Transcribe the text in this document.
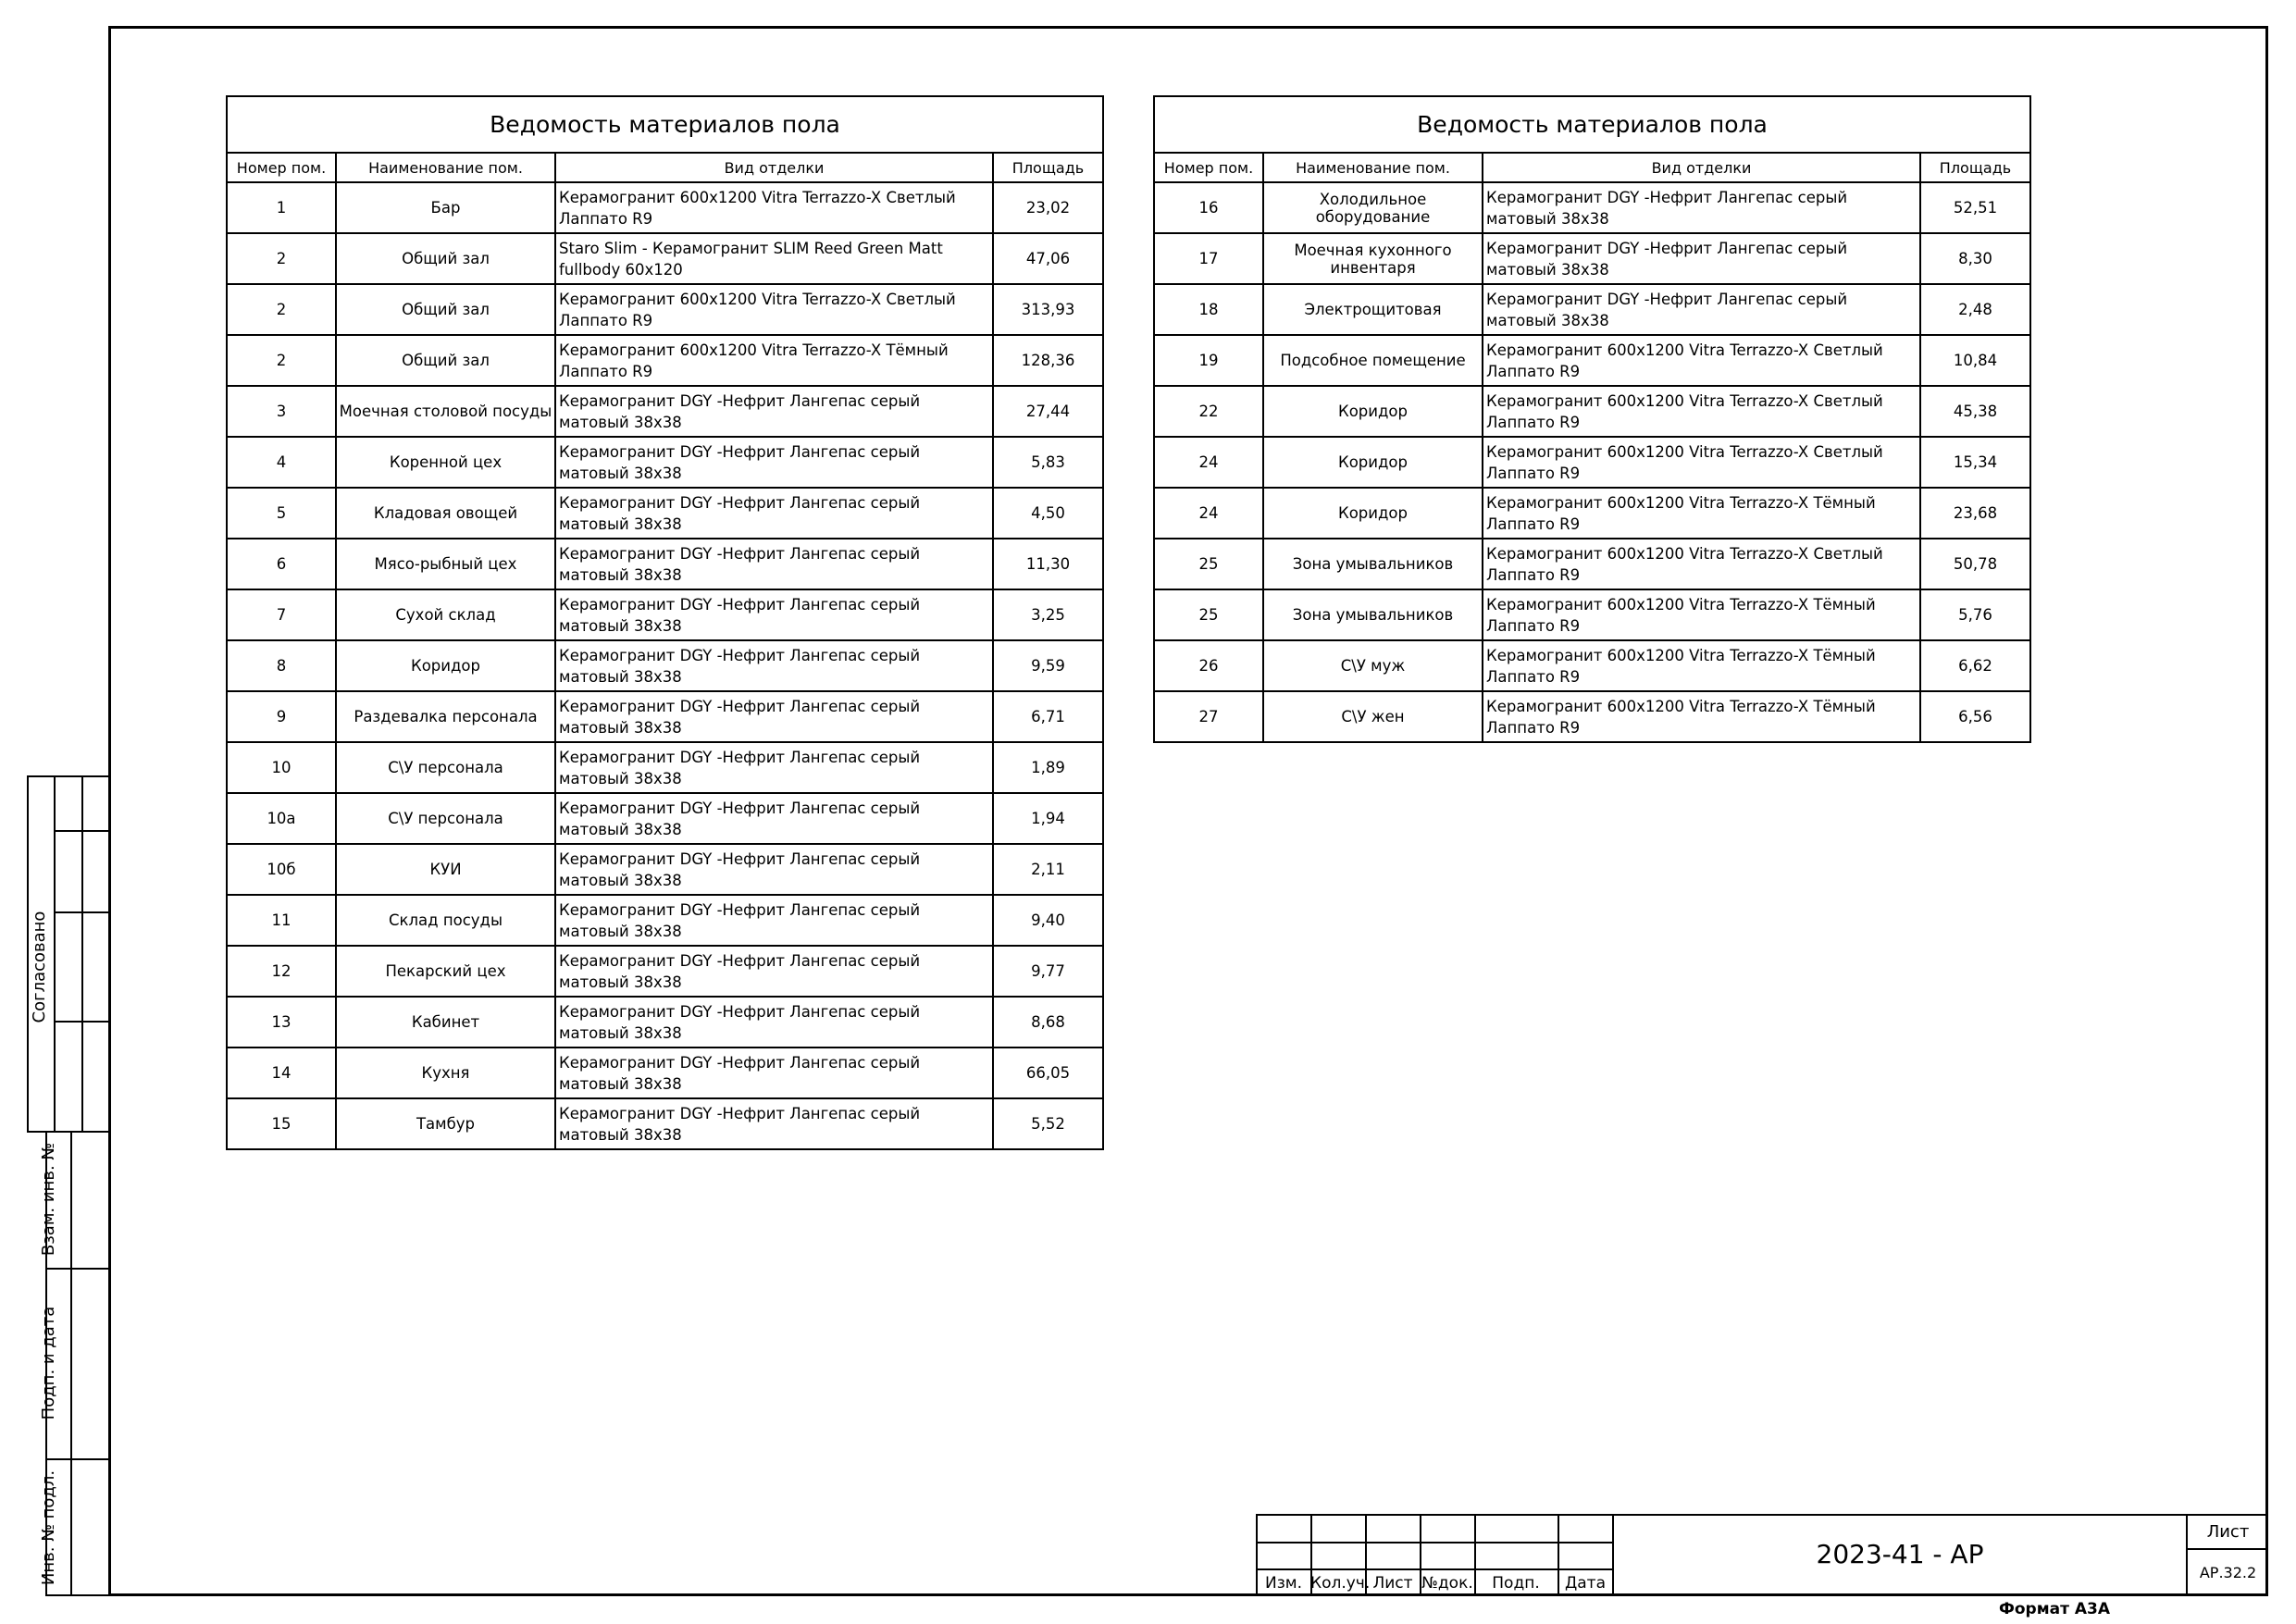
Ведомость материалов пола			
Номер пом.	Наименование пом.	Вид отделки	Площадь
1	Бар	Керамогранит 600х1200 Vitra Terrazzo-X Светлый Лаппато R9	23,02
2	Общий зал	Staro Slim - Керамогранит SLIM Reed Green Matt fullbody 60x120	47,06
2	Общий зал	Керамогранит 600х1200 Vitra Terrazzo-X Светлый Лаппато R9	313,93
2	Общий зал	Керамогранит 600х1200 Vitra Terrazzo-X Тёмный Лаппато R9	128,36
3	Моечная столовой посуды	Керамогранит DGY -Нефрит Лангепас серый матовый 38х38	27,44
4	Коренной цех	Керамогранит DGY -Нефрит Лангепас серый матовый 38х38	5,83
5	Кладовая овощей	Керамогранит DGY -Нефрит Лангепас серый матовый 38х38	4,50
6	Мясо-рыбный цех	Керамогранит DGY -Нефрит Лангепас серый матовый 38х38	11,30
7	Сухой склад	Керамогранит DGY -Нефрит Лангепас серый матовый 38х38	3,25
8	Коридор	Керамогранит DGY -Нефрит Лангепас серый матовый 38х38	9,59
9	Раздевалка персонала	Керамогранит DGY -Нефрит Лангепас серый матовый 38х38	6,71
10	С\У персонала	Керамогранит DGY -Нефрит Лангепас серый матовый 38х38	1,89
10а	С\У персонала	Керамогранит DGY -Нефрит Лангепас серый матовый 38х38	1,94
10б	КУИ	Керамогранит DGY -Нефрит Лангепас серый матовый 38х38	2,11
11	Склад посуды	Керамогранит DGY -Нефрит Лангепас серый матовый 38х38	9,40
12	Пекарский цех	Керамогранит DGY -Нефрит Лангепас серый матовый 38х38	9,77
13	Кабинет	Керамогранит DGY -Нефрит Лангепас серый матовый 38х38	8,68
14	Кухня	Керамогранит DGY -Нефрит Лангепас серый матовый 38х38	66,05
15	Тамбур	Керамогранит DGY -Нефрит Лангепас серый матовый 38х38	5,52
Ведомость материалов пола			
Номер пом.	Наименование пом.	Вид отделки	Площадь
16	Холодильное оборудование	Керамогранит DGY -Нефрит Лангепас серый матовый 38х38	52,51
17	Моечная кухонного инвентаря	Керамогранит DGY -Нефрит Лангепас серый матовый 38х38	8,30
18	Электрощитовая	Керамогранит DGY -Нефрит Лангепас серый матовый 38х38	2,48
19	Подсобное помещение	Керамогранит 600х1200 Vitra Terrazzo-X Светлый Лаппато R9	10,84
22	Коридор	Керамогранит 600х1200 Vitra Terrazzo-X Светлый Лаппато R9	45,38
24	Коридор	Керамогранит 600х1200 Vitra Terrazzo-X Светлый Лаппато R9	15,34
24	Коридор	Керамогранит 600х1200 Vitra Terrazzo-X Тёмный Лаппато R9	23,68
25	Зона умывальников	Керамогранит 600х1200 Vitra Terrazzo-X Светлый Лаппато R9	50,78
25	Зона умывальников	Керамогранит 600х1200 Vitra Terrazzo-X Тёмный Лаппато R9	5,76
26	С\У муж	Керамогранит 600х1200 Vitra Terrazzo-X Тёмный Лаппато R9	6,62
27	С\У жен	Керамогранит 600х1200 Vitra Terrazzo-X Тёмный Лаппато R9	6,56
Согласовано
Взам. инв. №
Подп. и дата
Инв. № подл.	Изм. Кол.уч. Лист №док.	Подп.	Дата
2023-41 - АР
Лист
АР.32.2
Формат А3А
